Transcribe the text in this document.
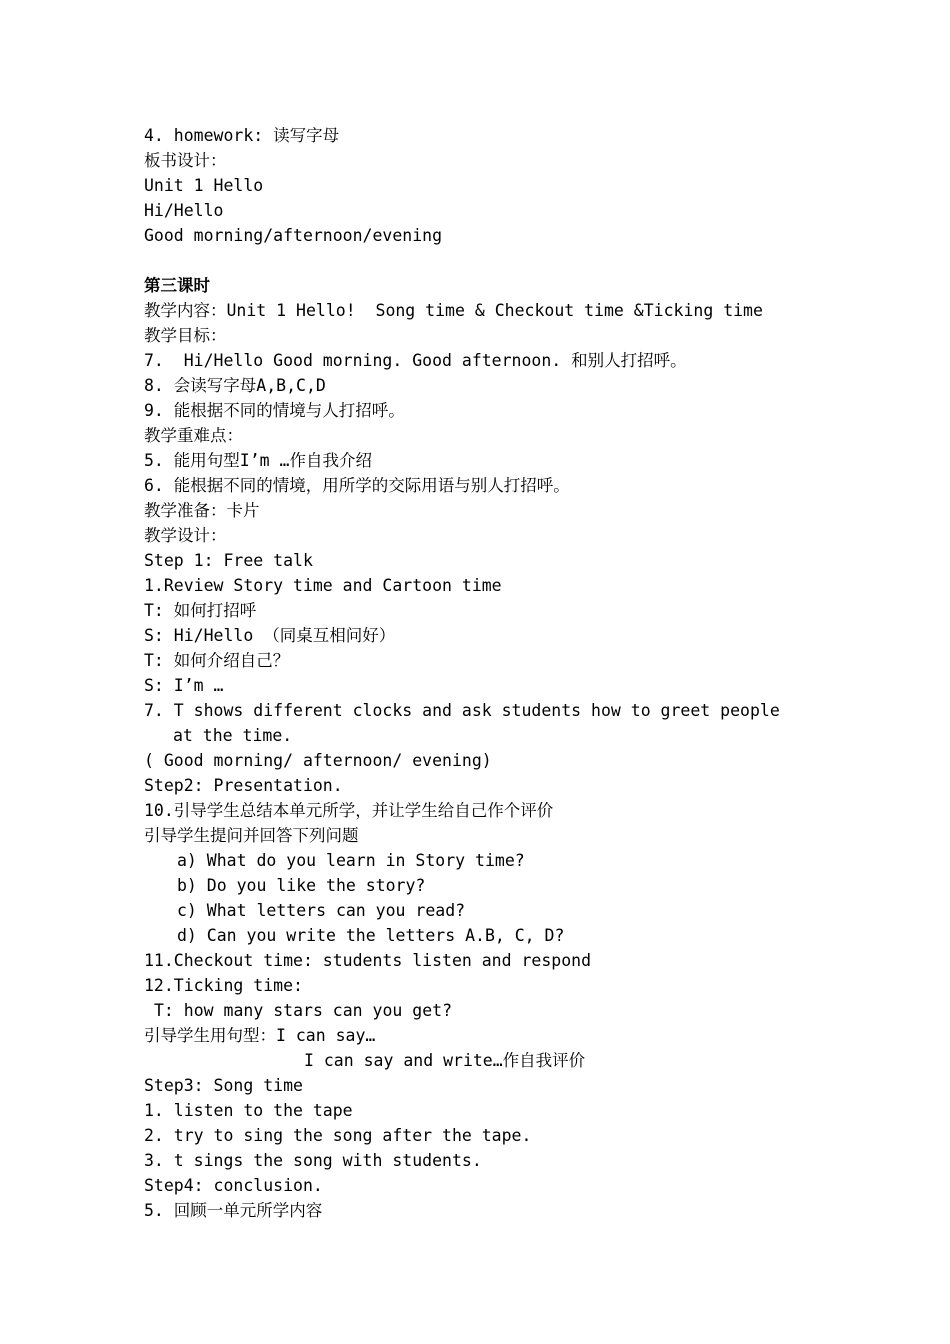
4. homework: 读写字母
板书设计：
Unit 1 Hello
Hi/Hello
Good morning/afternoon/evening
第三课时
教学内容：Unit 1 Hello!  Song time & Checkout time &Ticking time
教学目标：
7.  Hi/Hello Good morning. Good afternoon. 和别人打招呼。
8. 会读写字母A,B,C,D
9. 能根据不同的情境与人打招呼。
教学重难点：
5. 能用句型I’m …作自我介绍
6. 能根据不同的情境，用所学的交际用语与别人打招呼。
教学准备：卡片
教学设计：
Step 1: Free talk
1.Review Story time and Cartoon time
T: 如何打招呼
S: Hi/Hello （同桌互相问好）
T: 如何介绍自己？
S: I’m …
7. T shows different clocks and ask students how to greet people
at the time.
( Good morning/ afternoon/ evening)
Step2: Presentation.
10.引导学生总结本单元所学，并让学生给自己作个评价
引导学生提问并回答下列问题
a) What do you learn in Story time?
b) Do you like the story?
c) What letters can you read?
d) Can you write the letters A.B, C, D?
11.Checkout time: students listen and respond
12.Ticking time:
T: how many stars can you get?
引导学生用句型：I can say…
I can say and write…作自我评价
Step3: Song time
1. listen to the tape
2. try to sing the song after the tape.
3. t sings the song with students.
Step4: conclusion.
5. 回顾一单元所学内容
